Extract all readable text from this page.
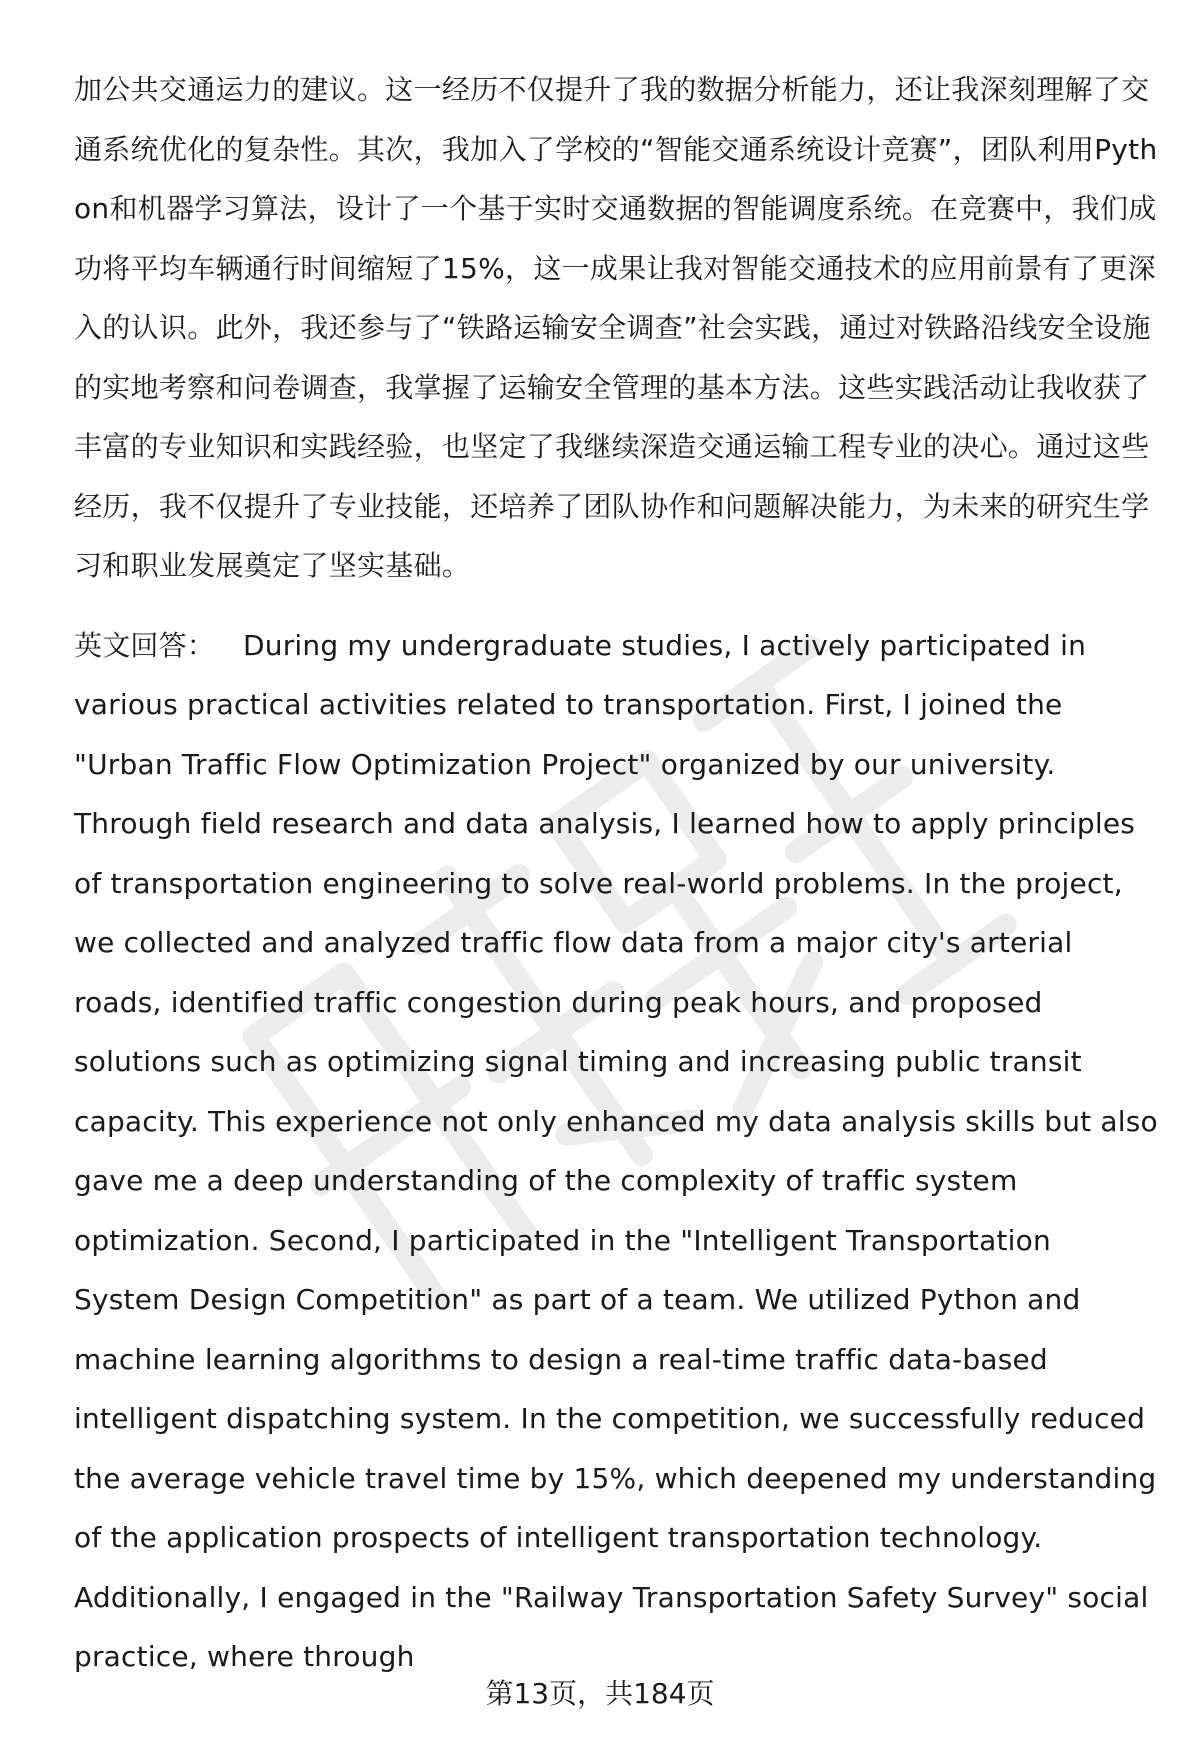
加公共交通运力的建议。这一经历不仅提升了我的数据分析能力，还让我深刻理解了交通系统优化的复杂性。其次，我加入了学校的“智能交通系统设计竞赛”，团队利用Python和机器学习算法，设计了一个基于实时交通数据的智能调度系统。在竞赛中，我们成功将平均车辆通行时间缩短了15%，这一成果让我对智能交通技术的应用前景有了更深入的认识。此外，我还参与了“铁路运输安全调查”社会实践，通过对铁路沿线安全设施的实地考察和问卷调查，我掌握了运输安全管理的基本方法。这些实践活动让我收获了丰富的专业知识和实践经验，也坚定了我继续深造交通运输工程专业的决心。通过这些经历，我不仅提升了专业技能，还培养了团队协作和问题解决能力，为未来的研究生学习和职业发展奠定了坚实基础。

英文回答： During my undergraduate studies, I actively participated in various practical activities related to transportation. First, I joined the "Urban Traffic Flow Optimization Project" organized by our university. Through field research and data analysis, I learned how to apply principles of transportation engineering to solve real-world problems. In the project, we collected and analyzed traffic flow data from a major city's arterial roads, identified traffic congestion during peak hours, and proposed solutions such as optimizing signal timing and increasing public transit capacity. This experience not only enhanced my data analysis skills but also gave me a deep understanding of the complexity of traffic system optimization. Second, I participated in the "Intelligent Transportation System Design Competition" as part of a team. We utilized Python and machine learning algorithms to design a real-time traffic data-based intelligent dispatching system. In the competition, we successfully reduced the average vehicle travel time by 15%, which deepened my understanding of the application prospects of intelligent transportation technology. Additionally, I engaged in the "Railway Transportation Safety Survey" social practice, where through

第13页，共184页
